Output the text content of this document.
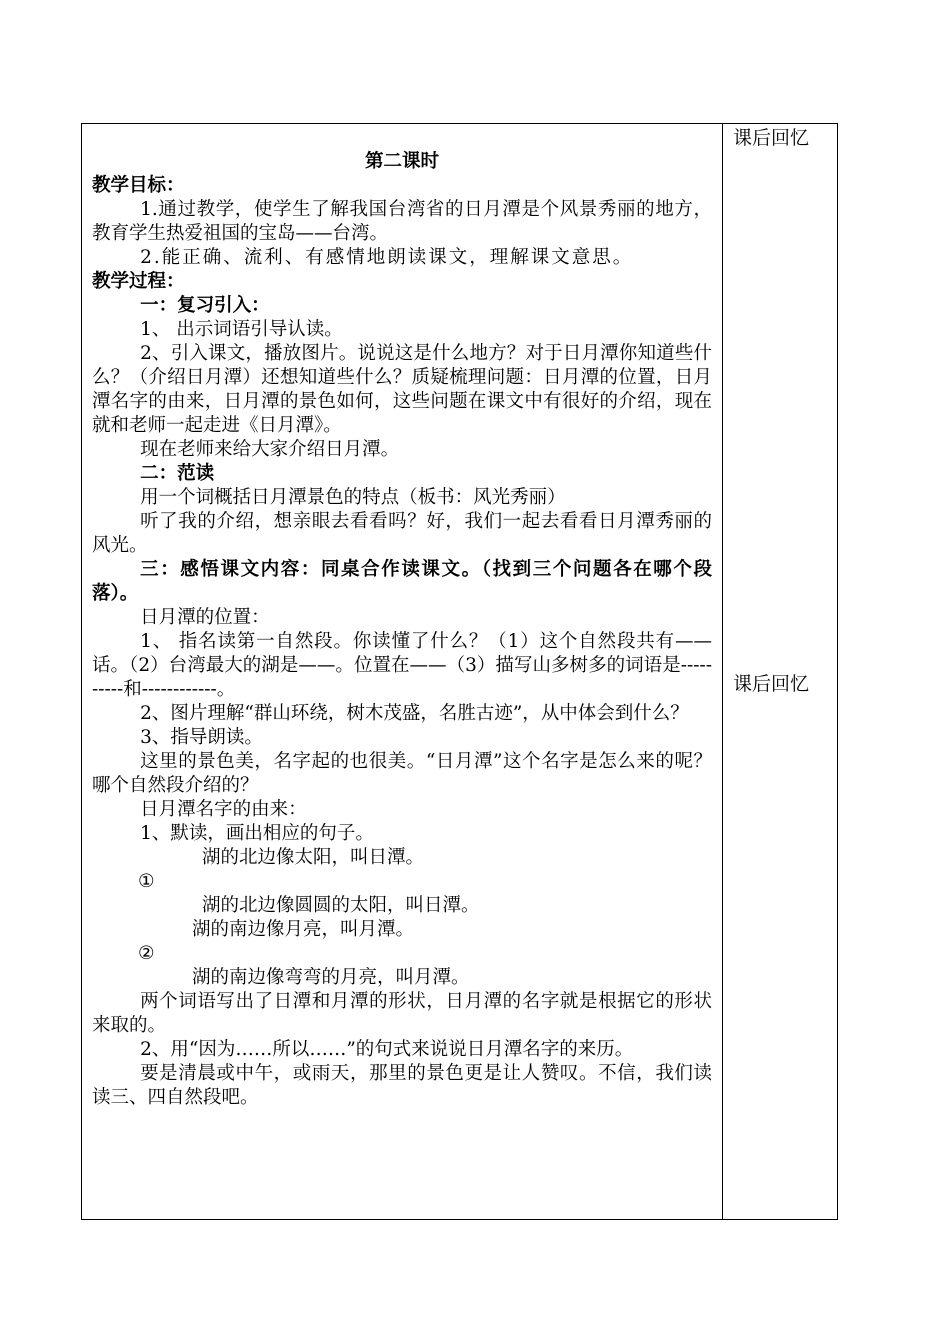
第二课时

教学目标：

1.通过教学，使学生了解我国台湾省的日月潭是个风景秀丽的地方，教育学生热爱祖国的宝岛——台湾。

2.能正确、流利、有感情地朗读课文，理解课文意思。

教学过程：

一：复习引入：

1、 出示词语引导认读。

2、引入课文，播放图片。说说这是什么地方？对于日月潭你知道些什么？（介绍日月潭）还想知道些什么？质疑梳理问题：日月潭的位置，日月潭名字的由来，日月潭的景色如何，这些问题在课文中有很好的介绍，现在就和老师一起走进《日月潭》。

现在老师来给大家介绍日月潭。

二：范读

用一个词概括日月潭景色的特点（板书：风光秀丽）

听了我的介绍，想亲眼去看看吗？好，我们一起去看看日月潭秀丽的风光。

三：感悟课文内容：同桌合作读课文。（找到三个问题各在哪个段落）。

日月潭的位置：

1、 指名读第一自然段。你读懂了什么？（1）这个自然段共有——话。（2）台湾最大的湖是——。位置在——（3）描写山多树多的词语是----------和------------。

2、图片理解“群山环绕，树木茂盛，名胜古迹”，从中体会到什么？

3、指导朗读。

这里的景色美，名字起的也很美。“日月潭”这个名字是怎么来的呢？哪个自然段介绍的？

日月潭名字的由来：

1、默读，画出相应的句子。

湖的北边像太阳，叫日潭。

①

湖的北边像圆圆的太阳，叫日潭。

湖的南边像月亮，叫月潭。

②

湖的南边像弯弯的月亮，叫月潭。

两个词语写出了日潭和月潭的形状，日月潭的名字就是根据它的形状来取的。

2、用“因为……所以……”的句式来说说日月潭名字的来历。

要是清晨或中午，或雨天，那里的景色更是让人赞叹。不信，我们读读三、四自然段吧。

课后回忆
课后回忆
